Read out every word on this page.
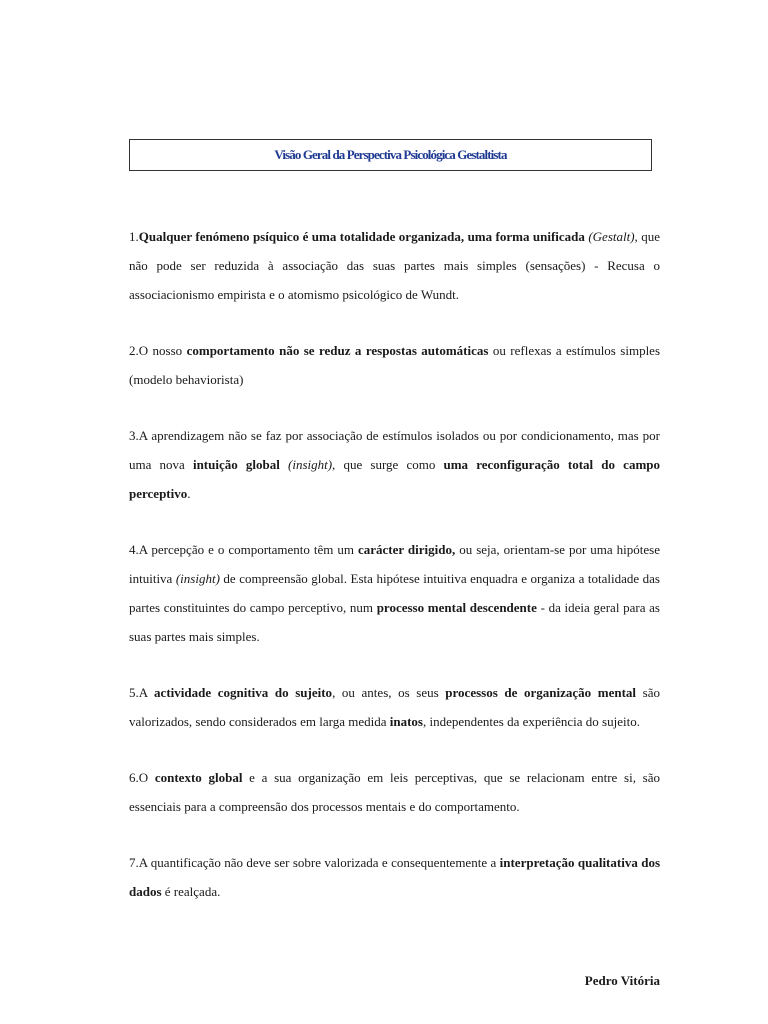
Visão Geral da Perspectiva Psicológica Gestaltista

1.Qualquer fenómeno psíquico é uma totalidade organizada, uma forma unificada (Gestalt), que não pode ser reduzida à associação das suas partes mais simples (sensações) - Recusa o associacionismo empirista e o atomismo psicológico de Wundt.

2.O nosso comportamento não se reduz a respostas automáticas ou reflexas a estímulos simples (modelo behaviorista)

3.A aprendizagem não se faz por associação de estímulos isolados ou por condicionamento, mas por uma nova intuição global (insight), que surge como uma reconfiguração total do campo perceptivo.

4.A percepção e o comportamento têm um carácter dirigido, ou seja, orientam-se por uma hipótese intuitiva (insight) de compreensão global. Esta hipótese intuitiva enquadra e organiza a totalidade das partes constituintes do campo perceptivo, num processo mental descendente - da ideia geral para as suas partes mais simples.

5.A actividade cognitiva do sujeito, ou antes, os seus processos de organização mental são valorizados, sendo considerados em larga medida inatos, independentes da experiência do sujeito.

6.O contexto global e a sua organização em leis perceptivas, que se relacionam entre si, são essenciais para a compreensão dos processos mentais e do comportamento.

7.A quantificação não deve ser sobre valorizada e consequentemente a interpretação qualitativa dos dados é realçada.

Pedro Vitória
